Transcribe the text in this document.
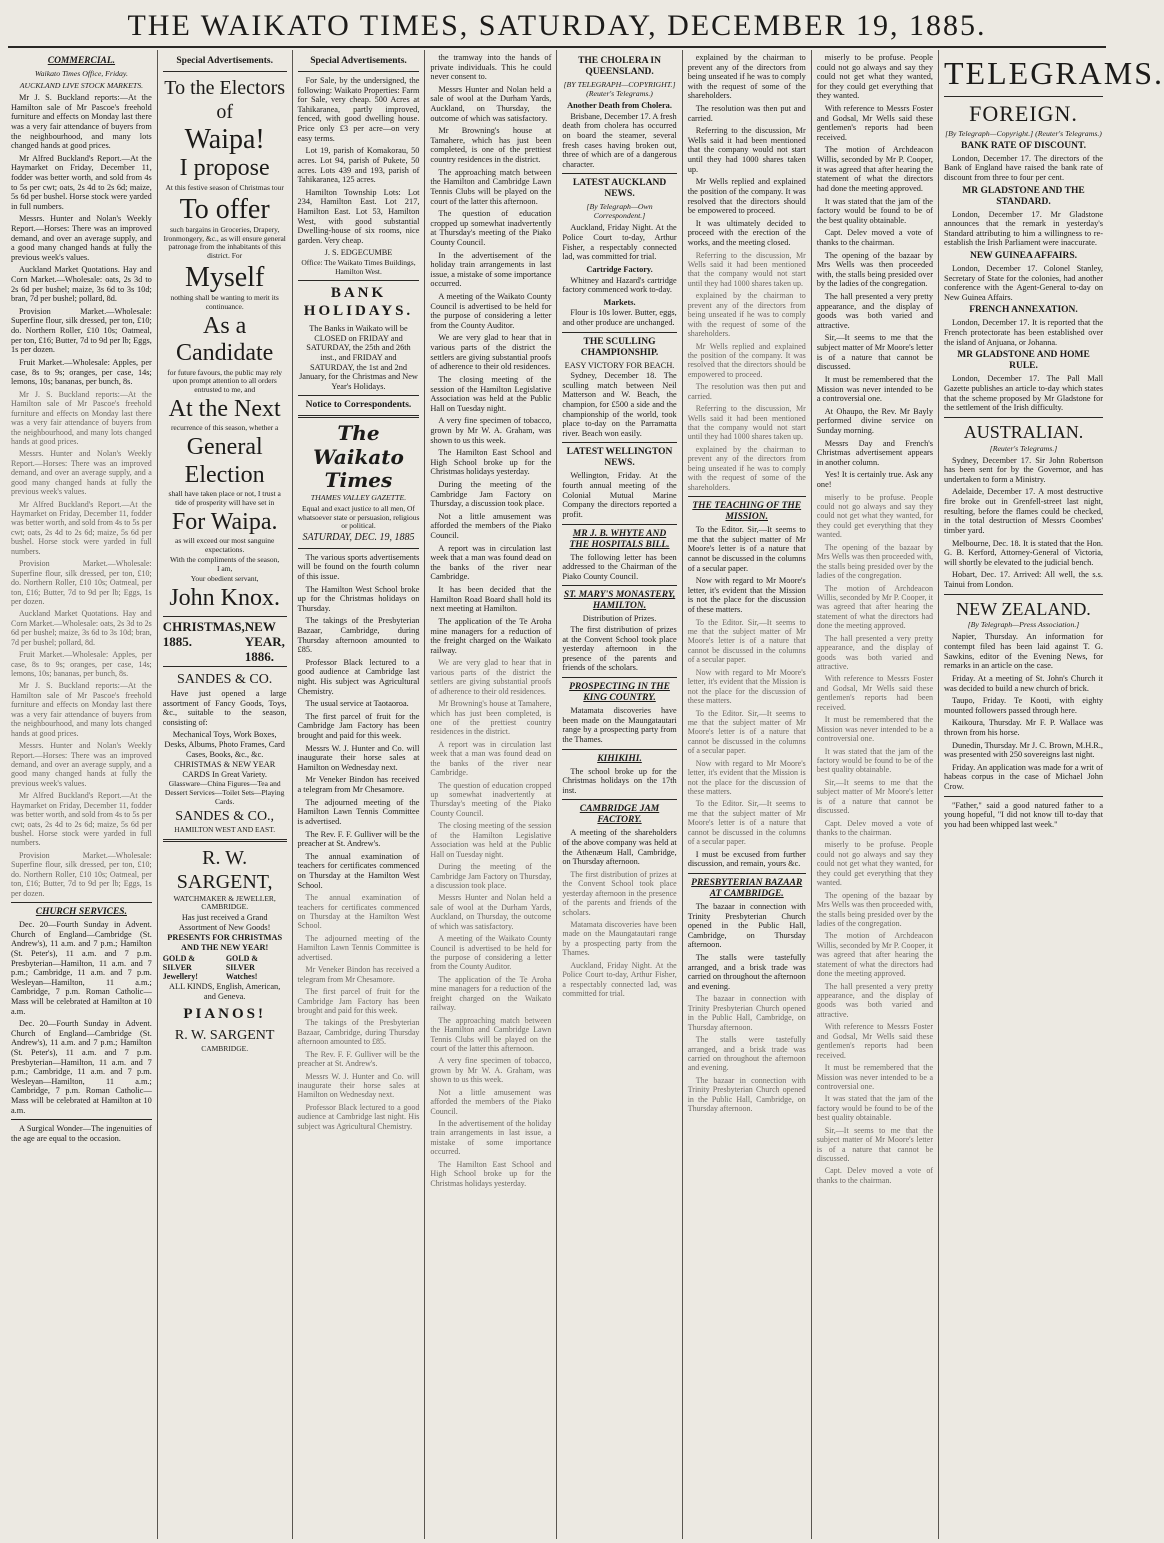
THE WAIKATO TIMES, SATURDAY, DECEMBER 19, 1885.
COMMERCIAL.
Waikato Times Office, Friday.
AUCKLAND LIVE STOCK MARKETS.

Mr J. S. Buckland reports:—At the Hamilton sale of Mr Pascoe's freehold furniture and effects on Monday last there was a very fair attendance of buyers from the neighbourhood, and many lots changed hands at good prices.

Mr Alfred Buckland's Report.—At the Haymarket on Friday, December 11, fodder was better worth, and sold from 4s to 5s per cwt; oats, 2s 4d to 2s 6d; maize, 5s 6d per bushel. Horse stock were yarded in full numbers.

Messrs. Hunter and Nolan's Weekly Report.—Horses: There was an improved demand, and over an average supply, and a good many changed hands at fully the previous week's values.

Auckland Market Quotations. Hay and Corn Market.—Wholesale: oats, 2s 3d to 2s 6d per bushel; maize, 3s 6d to 3s 10d; bran, 7d per bushel; pollard, 8d.

Provision Market.—Wholesale: Superfine flour, silk dressed, per ton, £10; do. Northern Roller, £10 10s; Oatmeal, per ton, £16; Butter, 7d to 9d per lb; Eggs, 1s per dozen.

Fruit Market.—Wholesale: Apples, per case, 8s to 9s; oranges, per case, 14s; lemons, 10s; bananas, per bunch, 8s.

Mr J. S. Buckland reports:—At the Hamilton sale of Mr Pascoe's freehold furniture and effects on Monday last there was a very fair attendance of buyers from the neighbourhood, and many lots changed hands at good prices.

Messrs. Hunter and Nolan's Weekly Report.—Horses: There was an improved demand, and over an average supply, and a good many changed hands at fully the previous week's values.

Mr Alfred Buckland's Report.—At the Haymarket on Friday, December 11, fodder was better worth, and sold from 4s to 5s per cwt; oats, 2s 4d to 2s 6d; maize, 5s 6d per bushel. Horse stock were yarded in full numbers.

Provision Market.—Wholesale: Superfine flour, silk dressed, per ton, £10; do. Northern Roller, £10 10s; Oatmeal, per ton, £16; Butter, 7d to 9d per lb; Eggs, 1s per dozen.

Auckland Market Quotations. Hay and Corn Market.—Wholesale: oats, 2s 3d to 2s 6d per bushel; maize, 3s 6d to 3s 10d; bran, 7d per bushel; pollard, 8d.

Fruit Market.—Wholesale: Apples, per case, 8s to 9s; oranges, per case, 14s; lemons, 10s; bananas, per bunch, 8s.

Mr J. S. Buckland reports:—At the Hamilton sale of Mr Pascoe's freehold furniture and effects on Monday last there was a very fair attendance of buyers from the neighbourhood, and many lots changed hands at good prices.

Messrs. Hunter and Nolan's Weekly Report.—Horses: There was an improved demand, and over an average supply, and a good many changed hands at fully the previous week's values.

Mr Alfred Buckland's Report.—At the Haymarket on Friday, December 11, fodder was better worth, and sold from 4s to 5s per cwt; oats, 2s 4d to 2s 6d; maize, 5s 6d per bushel. Horse stock were yarded in full numbers.

Provision Market.—Wholesale: Superfine flour, silk dressed, per ton, £10; do. Northern Roller, £10 10s; Oatmeal, per ton, £16; Butter, 7d to 9d per lb; Eggs, 1s per dozen.

CHURCH SERVICES.

Dec. 20—Fourth Sunday in Advent. Church of England—Cambridge (St. Andrew's), 11 a.m. and 7 p.m.; Hamilton (St. Peter's), 11 a.m. and 7 p.m. Presbyterian—Hamilton, 11 a.m. and 7 p.m.; Cambridge, 11 a.m. and 7 p.m. Wesleyan—Hamilton, 11 a.m.; Cambridge, 7 p.m. Roman Catholic—Mass will be celebrated at Hamilton at 10 a.m.

Dec. 20—Fourth Sunday in Advent. Church of England—Cambridge (St. Andrew's), 11 a.m. and 7 p.m.; Hamilton (St. Peter's), 11 a.m. and 7 p.m. Presbyterian—Hamilton, 11 a.m. and 7 p.m.; Cambridge, 11 a.m. and 7 p.m. Wesleyan—Hamilton, 11 a.m.; Cambridge, 7 p.m. Roman Catholic—Mass will be celebrated at Hamilton at 10 a.m.

A Surgical Wonder—The ingenuities of the age are equal to the occasion.

Special Advertisements.
To the Electors of
Waipa!
I propose
At this festive season of Christmas tour
To offer
such bargains in Groceries, Drapery, Ironmongery, &c., as will ensure general patronage from the inhabitants of this district. For
Myself
nothing shall be wanting to merit its continuance.
As a Candidate
for future favours, the public may rely upon prompt attention to all orders entrusted to me, and
At the Next
recurrence of this season, whether a
General Election
shall have taken place or not, I trust a tide of prosperity will have set in
For Waipa.
as will exceed our most sanguine expectations.
With the compliments of the season,
I am,
Your obedient servant,
John Knox.
CHRISTMAS, 1885.
NEW YEAR, 1886.
SANDES & CO.

Have just opened a large assortment of Fancy Goods, Toys, &c., suitable to the season, consisting of:

Mechanical Toys, Work Boxes, Desks, Albums, Photo Frames, Card Cases, Books, &c., &c.
CHRISTMAS & NEW YEAR CARDS In Great Variety.
Glassware—China Figures—Tea and Dessert Services—Toilet Sets—Playing Cards.
SANDES & CO.,
HAMILTON WEST AND EAST.
R. W. SARGENT,
WATCHMAKER & JEWELLER, CAMBRIDGE.
Has just received a Grand Assortment of New Goods!
PRESENTS FOR CHRISTMAS AND THE NEW YEAR!
GOLD & SILVER Jewellery!
GOLD & SILVER Watches!
ALL KINDS, English, American, and Geneva.
PIANOS!
R. W. SARGENT
CAMBRIDGE.
Special Advertisements.

For Sale, by the undersigned, the following: Waikato Properties: Farm for Sale, very cheap. 500 Acres at Tahikaranea, partly improved, fenced, with good dwelling house. Price only £3 per acre—on very easy terms.

Lot 19, parish of Komakorau, 50 acres. Lot 94, parish of Pukete, 50 acres. Lots 439 and 193, parish of Tahikaranea, 125 acres.

Hamilton Township Lots: Lot 234, Hamilton East. Lot 217, Hamilton East. Lot 53, Hamilton West, with good substantial Dwelling-house of six rooms, nice garden. Very cheap.

J. S. EDGECUMBE
Office: The Waikato Times Buildings, Hamilton West.
BANK HOLIDAYS.
The Banks in Waikato will be CLOSED on FRIDAY and SATURDAY, the 25th and 26th inst., and FRIDAY and SATURDAY, the 1st and 2nd January, for the Christmas and New Year's Holidays.
Notice to Correspondents.
The Waikato Times
THAMES VALLEY GAZETTE.
Equal and exact justice to all men, Of whatsoever state or persuasion, religious or political.
SATURDAY, DEC. 19, 1885

The various sports advertisements will be found on the fourth column of this issue.

The Hamilton West School broke up for the Christmas holidays on Thursday.

The takings of the Presbyterian Bazaar, Cambridge, during Thursday afternoon amounted to £85.

Professor Black lectured to a good audience at Cambridge last night. His subject was Agricultural Chemistry.

The usual service at Taotaoroa.

The first parcel of fruit for the Cambridge Jam Factory has been brought and paid for this week.

Messrs W. J. Hunter and Co. will inaugurate their horse sales at Hamilton on Wednesday next.

Mr Veneker Bindon has received a telegram from Mr Chesamore.

The adjourned meeting of the Hamilton Lawn Tennis Committee is advertised.

The Rev. F. F. Gulliver will be the preacher at St. Andrew's.

The annual examination of teachers for certificates commenced on Thursday at the Hamilton West School.

The annual examination of teachers for certificates commenced on Thursday at the Hamilton West School.

The adjourned meeting of the Hamilton Lawn Tennis Committee is advertised.

Mr Veneker Bindon has received a telegram from Mr Chesamore.

The first parcel of fruit for the Cambridge Jam Factory has been brought and paid for this week.

The takings of the Presbyterian Bazaar, Cambridge, during Thursday afternoon amounted to £85.

The Rev. F. F. Gulliver will be the preacher at St. Andrew's.

Messrs W. J. Hunter and Co. will inaugurate their horse sales at Hamilton on Wednesday next.

Professor Black lectured to a good audience at Cambridge last night. His subject was Agricultural Chemistry.

the tramway into the hands of private individuals. This he could never consent to.

Messrs Hunter and Nolan held a sale of wool at the Durham Yards, Auckland, on Thursday, the outcome of which was satisfactory.

Mr Browning's house at Tamahere, which has just been completed, is one of the prettiest country residences in the district.

The approaching match between the Hamilton and Cambridge Lawn Tennis Clubs will be played on the court of the latter this afternoon.

The question of education cropped up somewhat inadvertently at Thursday's meeting of the Piako County Council.

In the advertisement of the holiday train arrangements in last issue, a mistake of some importance occurred.

A meeting of the Waikato County Council is advertised to be held for the purpose of considering a letter from the County Auditor.

We are very glad to hear that in various parts of the district the settlers are giving substantial proofs of adherence to their old residences.

The closing meeting of the session of the Hamilton Legislative Association was held at the Public Hall on Tuesday night.

A very fine specimen of tobacco, grown by Mr W. A. Graham, was shown to us this week.

The Hamilton East School and High School broke up for the Christmas holidays yesterday.

During the meeting of the Cambridge Jam Factory on Thursday, a discussion took place.

Not a little amusement was afforded the members of the Piako Council.

A report was in circulation last week that a man was found dead on the banks of the river near Cambridge.

It has been decided that the Hamilton Road Board shall hold its next meeting at Hamilton.

The application of the Te Aroha mine managers for a reduction of the freight charged on the Waikato railway.

We are very glad to hear that in various parts of the district the settlers are giving substantial proofs of adherence to their old residences.

Mr Browning's house at Tamahere, which has just been completed, is one of the prettiest country residences in the district.

A report was in circulation last week that a man was found dead on the banks of the river near Cambridge.

The question of education cropped up somewhat inadvertently at Thursday's meeting of the Piako County Council.

The closing meeting of the session of the Hamilton Legislative Association was held at the Public Hall on Tuesday night.

During the meeting of the Cambridge Jam Factory on Thursday, a discussion took place.

Messrs Hunter and Nolan held a sale of wool at the Durham Yards, Auckland, on Thursday, the outcome of which was satisfactory.

A meeting of the Waikato County Council is advertised to be held for the purpose of considering a letter from the County Auditor.

The application of the Te Aroha mine managers for a reduction of the freight charged on the Waikato railway.

The approaching match between the Hamilton and Cambridge Lawn Tennis Clubs will be played on the court of the latter this afternoon.

A very fine specimen of tobacco, grown by Mr W. A. Graham, was shown to us this week.

Not a little amusement was afforded the members of the Piako Council.

In the advertisement of the holiday train arrangements in last issue, a mistake of some importance occurred.

The Hamilton East School and High School broke up for the Christmas holidays yesterday.

THE CHOLERA IN QUEENSLAND.
[BY TELEGRAPH—COPYRIGHT.] (Reuter's Telegrams.)
Another Death from Cholera.

Brisbane, December 17. A fresh death from cholera has occurred on board the steamer, several fresh cases having broken out, three of which are of a dangerous character.

LATEST AUCKLAND NEWS.
[By Telegraph—Own Correspondent.]

Auckland, Friday Night. At the Police Court to-day, Arthur Fisher, a respectably connected lad, was committed for trial.

Cartridge Factory.

Whitney and Hazard's cartridge factory commenced work to-day.

Markets.

Flour is 10s lower. Butter, eggs, and other produce are unchanged.

THE SCULLING CHAMPIONSHIP.
EASY VICTORY FOR BEACH.

Sydney, December 18. The sculling match between Neil Matterson and W. Beach, the champion, for £500 a side and the championship of the world, took place to-day on the Parramatta river. Beach won easily.

LATEST WELLINGTON NEWS.

Wellington, Friday. At the fourth annual meeting of the Colonial Mutual Marine Company the directors reported a profit.

MR J. B. WHYTE AND THE HOSPITALS BILL.

The following letter has been addressed to the Chairman of the Piako County Council.

ST. MARY'S MONASTERY, HAMILTON.
Distribution of Prizes.

The first distribution of prizes at the Convent School took place yesterday afternoon in the presence of the parents and friends of the scholars.

PROSPECTING IN THE KING COUNTRY.

Matamata discoveries have been made on the Maungatautari range by a prospecting party from the Thames.

KIHIKIHI.

The school broke up for the Christmas holidays on the 17th inst.

CAMBRIDGE JAM FACTORY.

A meeting of the shareholders of the above company was held at the Athenæum Hall, Cambridge, on Thursday afternoon.

The first distribution of prizes at the Convent School took place yesterday afternoon in the presence of the parents and friends of the scholars.

Matamata discoveries have been made on the Maungatautari range by a prospecting party from the Thames.

Auckland, Friday Night. At the Police Court to-day, Arthur Fisher, a respectably connected lad, was committed for trial.

explained by the chairman to prevent any of the directors from being unseated if he was to comply with the request of some of the shareholders.

The resolution was then put and carried.

Referring to the discussion, Mr Wells said it had been mentioned that the company would not start until they had 1000 shares taken up.

Mr Wells replied and explained the position of the company. It was resolved that the directors should be empowered to proceed.

It was ultimately decided to proceed with the erection of the works, and the meeting closed.

Referring to the discussion, Mr Wells said it had been mentioned that the company would not start until they had 1000 shares taken up.

explained by the chairman to prevent any of the directors from being unseated if he was to comply with the request of some of the shareholders.

Mr Wells replied and explained the position of the company. It was resolved that the directors should be empowered to proceed.

The resolution was then put and carried.

Referring to the discussion, Mr Wells said it had been mentioned that the company would not start until they had 1000 shares taken up.

explained by the chairman to prevent any of the directors from being unseated if he was to comply with the request of some of the shareholders.

THE TEACHING OF THE MISSION.

To the Editor. Sir,—It seems to me that the subject matter of Mr Moore's letter is of a nature that cannot be discussed in the columns of a secular paper.

Now with regard to Mr Moore's letter, it's evident that the Mission is not the place for the discussion of these matters.

To the Editor. Sir,—It seems to me that the subject matter of Mr Moore's letter is of a nature that cannot be discussed in the columns of a secular paper.

Now with regard to Mr Moore's letter, it's evident that the Mission is not the place for the discussion of these matters.

To the Editor. Sir,—It seems to me that the subject matter of Mr Moore's letter is of a nature that cannot be discussed in the columns of a secular paper.

Now with regard to Mr Moore's letter, it's evident that the Mission is not the place for the discussion of these matters.

To the Editor. Sir,—It seems to me that the subject matter of Mr Moore's letter is of a nature that cannot be discussed in the columns of a secular paper.

I must be excused from further discussion, and remain, yours &c.

PRESBYTERIAN BAZAAR AT CAMBRIDGE.

The bazaar in connection with Trinity Presbyterian Church opened in the Public Hall, Cambridge, on Thursday afternoon.

The stalls were tastefully arranged, and a brisk trade was carried on throughout the afternoon and evening.

The bazaar in connection with Trinity Presbyterian Church opened in the Public Hall, Cambridge, on Thursday afternoon.

The stalls were tastefully arranged, and a brisk trade was carried on throughout the afternoon and evening.

The bazaar in connection with Trinity Presbyterian Church opened in the Public Hall, Cambridge, on Thursday afternoon.

miserly to be profuse. People could not go always and say they could not get what they wanted, for they could get everything that they wanted.

With reference to Messrs Foster and Godsal, Mr Wells said these gentlemen's reports had been received.

The motion of Archdeacon Willis, seconded by Mr P. Cooper, it was agreed that after hearing the statement of what the directors had done the meeting approved.

It was stated that the jam of the factory would be found to be of the best quality obtainable.

Capt. Delev moved a vote of thanks to the chairman.

The opening of the bazaar by Mrs Wells was then proceeded with, the stalls being presided over by the ladies of the congregation.

The hall presented a very pretty appearance, and the display of goods was both varied and attractive.

Sir,—It seems to me that the subject matter of Mr Moore's letter is of a nature that cannot be discussed.

It must be remembered that the Mission was never intended to be a controversial one.

At Ohaupo, the Rev. Mr Bayly performed divine service on Sunday morning.

Messrs Day and French's Christmas advertisement appears in another column.

Yes! It is certainly true. Ask any one!

miserly to be profuse. People could not go always and say they could not get what they wanted, for they could get everything that they wanted.

The opening of the bazaar by Mrs Wells was then proceeded with, the stalls being presided over by the ladies of the congregation.

The motion of Archdeacon Willis, seconded by Mr P. Cooper, it was agreed that after hearing the statement of what the directors had done the meeting approved.

The hall presented a very pretty appearance, and the display of goods was both varied and attractive.

With reference to Messrs Foster and Godsal, Mr Wells said these gentlemen's reports had been received.

It must be remembered that the Mission was never intended to be a controversial one.

It was stated that the jam of the factory would be found to be of the best quality obtainable.

Sir,—It seems to me that the subject matter of Mr Moore's letter is of a nature that cannot be discussed.

Capt. Delev moved a vote of thanks to the chairman.

miserly to be profuse. People could not go always and say they could not get what they wanted, for they could get everything that they wanted.

The opening of the bazaar by Mrs Wells was then proceeded with, the stalls being presided over by the ladies of the congregation.

The motion of Archdeacon Willis, seconded by Mr P. Cooper, it was agreed that after hearing the statement of what the directors had done the meeting approved.

The hall presented a very pretty appearance, and the display of goods was both varied and attractive.

With reference to Messrs Foster and Godsal, Mr Wells said these gentlemen's reports had been received.

It must be remembered that the Mission was never intended to be a controversial one.

It was stated that the jam of the factory would be found to be of the best quality obtainable.

Sir,—It seems to me that the subject matter of Mr Moore's letter is of a nature that cannot be discussed.

Capt. Delev moved a vote of thanks to the chairman.

TELEGRAMS.
FOREIGN.
[By Telegraph—Copyright.] (Reuter's Telegrams.)
BANK RATE OF DISCOUNT.

London, December 17. The directors of the Bank of England have raised the bank rate of discount from three to four per cent.

MR GLADSTONE AND THE STANDARD.

London, December 17. Mr Gladstone announces that the remark in yesterday's Standard attributing to him a willingness to re-establish the Irish Parliament were inaccurate.

NEW GUINEA AFFAIRS.

London, December 17. Colonel Stanley, Secretary of State for the colonies, had another conference with the Agent-General to-day on New Guinea Affairs.

FRENCH ANNEXATION.

London, December 17. It is reported that the French protectorate has been established over the island of Anjuana, or Johanna.

MR GLADSTONE AND HOME RULE.

London, December 17. The Pall Mall Gazette publishes an article to-day which states that the scheme proposed by Mr Gladstone for the settlement of the Irish difficulty.

AUSTRALIAN.
[Reuter's Telegrams.]

Sydney, December 17. Sir John Robertson has been sent for by the Governor, and has undertaken to form a Ministry.

Adelaide, December 17. A most destructive fire broke out in Grenfell-street last night, resulting, before the flames could be checked, in the total destruction of Messrs Coombes' timber yard.

Melbourne, Dec. 18. It is stated that the Hon. G. B. Kerford, Attorney-General of Victoria, will shortly be elevated to the judicial bench.

Hobart, Dec. 17. Arrived: All well, the s.s. Tainui from London.

NEW ZEALAND.
[By Telegraph—Press Association.]

Napier, Thursday. An information for contempt filed has been laid against T. G. Sawkins, editor of the Evening News, for remarks in an article on the case.

Friday. At a meeting of St. John's Church it was decided to build a new church of brick.

Taupo, Friday. Te Kooti, with eighty mounted followers passed through here.

Kaikoura, Thursday. Mr F. P. Wallace was thrown from his horse.

Dunedin, Thursday. Mr J. C. Brown, M.H.R., was presented with 250 sovereigns last night.

Friday. An application was made for a writ of habeas corpus in the case of Michael John Crow.

"Father," said a good natured father to a young hopeful, "I did not know till to-day that you had been whipped last week."
